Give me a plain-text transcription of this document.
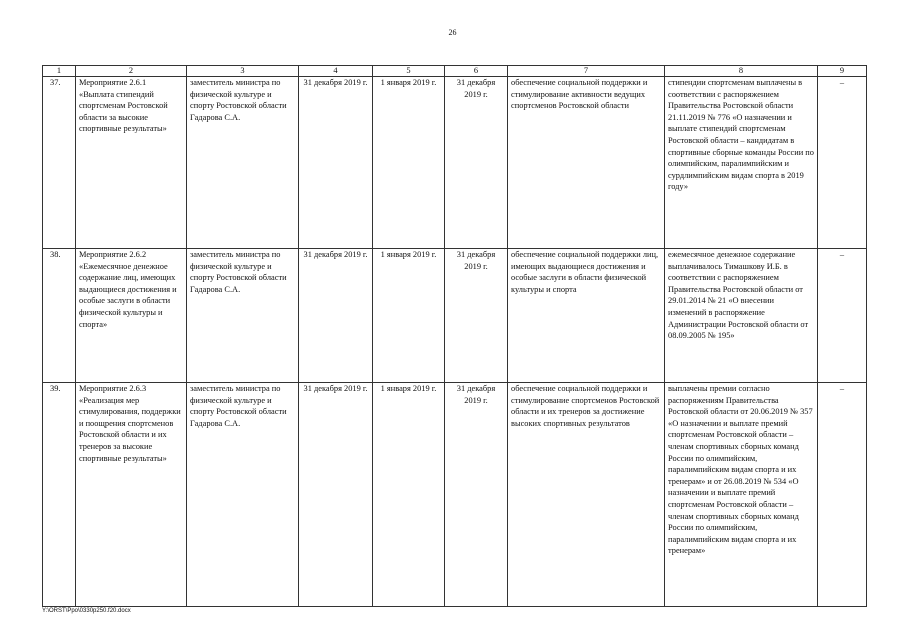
26
1	2	3	4	5	6	7	8	9
37.	Мероприятие 2.6.1 «Выплата стипендий спортсменам Ростовской области за высокие спортивные результаты»	заместитель министра по физической культуре и спорту Ростовской области Гадарова С.А.	31 декабря 2019 г.	1 января 2019 г.	31 декабря 2019 г.	обеспечение социальной поддержки и стимулирование активности ведущих спортсменов Ростовской области	стипендии спортсменам выплачены в соответствии с распоряжением Правительства Ростовской области 21.11.2019 № 776 «О назначении и выплате стипендий спортсменам Ростовской области – кандидатам в спортивные сборные команды России по олимпийским, паралимпийским и сурдлимпийским видам спорта в 2019 году»	–
38.	Мероприятие 2.6.2 «Ежемесячное денежное содержание лиц, имеющих выдающиеся достижения и особые заслуги в области физической культуры и спорта»	заместитель министра по физической культуре и спорту Ростовской области Гадарова С.А.	31 декабря 2019 г.	1 января 2019 г.	31 декабря 2019 г.	обеспечение социальной поддержки лиц, имеющих выдающиеся достижения и особые заслуги в области физической культуры и спорта	ежемесячное денежное содержание выплачивалось Тимашкову И.Б. в соответствии с распоряжением Правительства Ростовской области от 29.01.2014 № 21 «О внесении изменений в распоряжение Администрации Ростовской области от 08.09.2005 № 195»	–
39.	Мероприятие 2.6.3 «Реализация мер стимулирования, поддержки и поощрения спортсменов Ростовской области и их тренеров за высокие спортивные результаты»	заместитель министра по физической культуре и спорту Ростовской области Гадарова С.А.	31 декабря 2019 г.	1 января 2019 г.	31 декабря 2019 г.	обеспечение социальной поддержки и стимулирование спортсменов Ростовской области и их тренеров за достижение высоких спортивных результатов	выплачены премии согласно распоряжениям Правительства Ростовской области от 20.06.2019 № 357 «О назначении и выплате премий спортсменам Ростовской области – членам спортивных сборных команд России по олимпийским, паралимпийским видам спорта и их тренерам» и от 26.08.2019 № 534 «О назначении и выплате премий спортсменам Ростовской области – членам спортивных сборных команд России по олимпийским, паралимпийским видам спорта и их тренерам»	–
Y:\ORST\Ppo\0330p250.f20.docx
